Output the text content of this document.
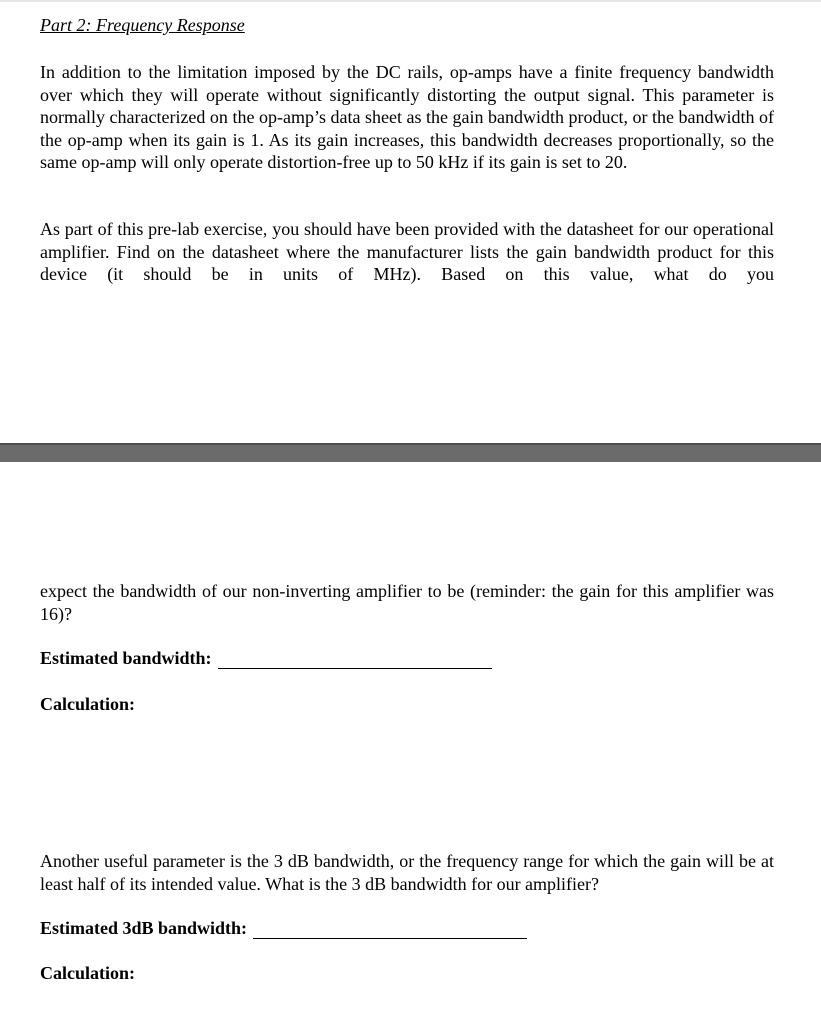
Part 2: Frequency Response

In addition to the limitation imposed by the DC rails, op-amps have a finite frequency bandwidth over which they will operate without significantly distorting the output signal. This parameter is normally characterized on the op-amp’s data sheet as the gain bandwidth product, or the bandwidth of the op-amp when its gain is 1. As its gain increases, this bandwidth decreases proportionally, so the same op-amp will only operate distortion-free up to 50 kHz if its gain is set to 20.

As part of this pre-lab exercise, you should have been provided with the datasheet for our operational amplifier. Find on the datasheet where the manufacturer lists the gain bandwidth product for this device (it should be in units of MHz). Based on this value, what do you

expect the bandwidth of our non-inverting amplifier to be (reminder: the gain for this amplifier was 16)?

Estimated bandwidth:

Calculation:

Another useful parameter is the 3 dB bandwidth, or the frequency range for which the gain will be at least half of its intended value. What is the 3 dB bandwidth for our amplifier?

Estimated 3dB bandwidth:

Calculation:
